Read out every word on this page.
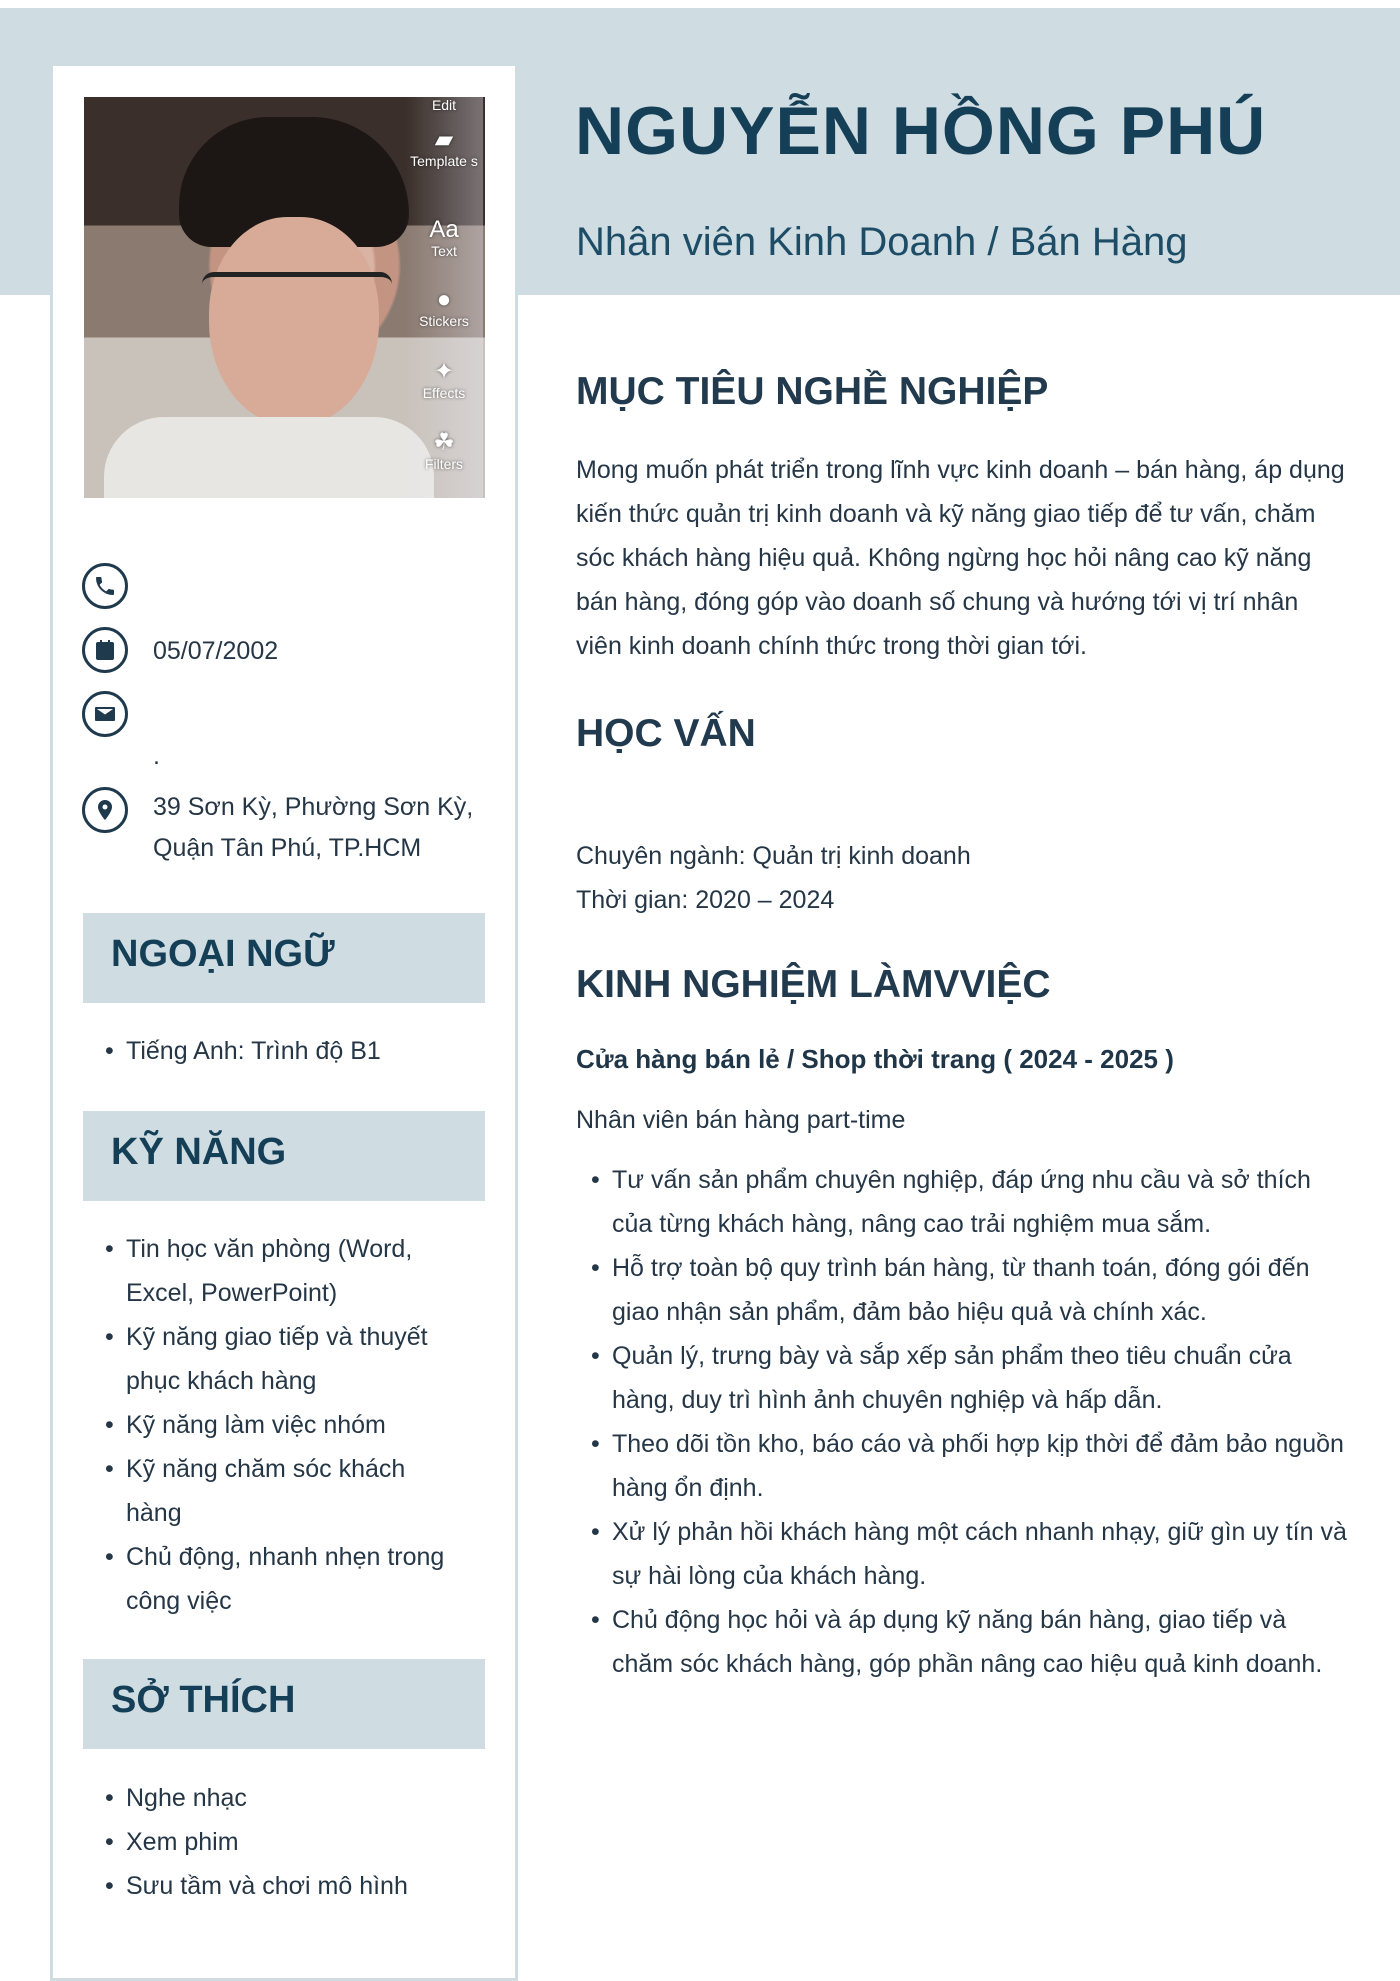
Edit
▰
Template s
Aa
Text
●
Stickers
✦
Effects
☘
Filters
05/07/2002
.
39 Sơn Kỳ, Phường Sơn Kỳ,
Quận Tân Phú, TP.HCM
NGOẠI NGỮ
• Tiếng Anh: Trình độ B1
KỸ NĂNG
• Tin học văn phòng (Word, Excel, PowerPoint)
• Kỹ năng giao tiếp và thuyết phục khách hàng
• Kỹ năng làm việc nhóm
• Kỹ năng chăm sóc khách hàng
• Chủ động, nhanh nhẹn trong công việc
SỞ THÍCH
• Nghe nhạc
• Xem phim
• Sưu tầm và chơi mô hình
NGUYỄN HỒNG PHÚ
Nhân viên Kinh Doanh / Bán Hàng
MỤC TIÊU NGHỀ NGHIỆP

Mong muốn phát triển trong lĩnh vực kinh doanh – bán hàng, áp dụng kiến thức quản trị kinh doanh và kỹ năng giao tiếp để tư vấn, chăm sóc khách hàng hiệu quả. Không ngừng học hỏi nâng cao kỹ năng bán hàng, đóng góp vào doanh số chung và hướng tới vị trí nhân viên kinh doanh chính thức trong thời gian tới.

HỌC VẤN
Chuyên ngành: Quản trị kinh doanh
Thời gian: 2020 – 2024
KINH NGHIỆM LÀMVVIỆC
Cửa hàng bán lẻ / Shop thời trang ( 2024 - 2025 )
Nhân viên bán hàng part-time
• Tư vấn sản phẩm chuyên nghiệp, đáp ứng nhu cầu và sở thích của từng khách hàng, nâng cao trải nghiệm mua sắm.
• Hỗ trợ toàn bộ quy trình bán hàng, từ thanh toán, đóng gói đến giao nhận sản phẩm, đảm bảo hiệu quả và chính xác.
• Quản lý, trưng bày và sắp xếp sản phẩm theo tiêu chuẩn cửa hàng, duy trì hình ảnh chuyên nghiệp và hấp dẫn.
• Theo dõi tồn kho, báo cáo và phối hợp kịp thời để đảm bảo nguồn hàng ổn định.
• Xử lý phản hồi khách hàng một cách nhanh nhạy, giữ gìn uy tín và sự hài lòng của khách hàng.
• Chủ động học hỏi và áp dụng kỹ năng bán hàng, giao tiếp và chăm sóc khách hàng, góp phần nâng cao hiệu quả kinh doanh.
